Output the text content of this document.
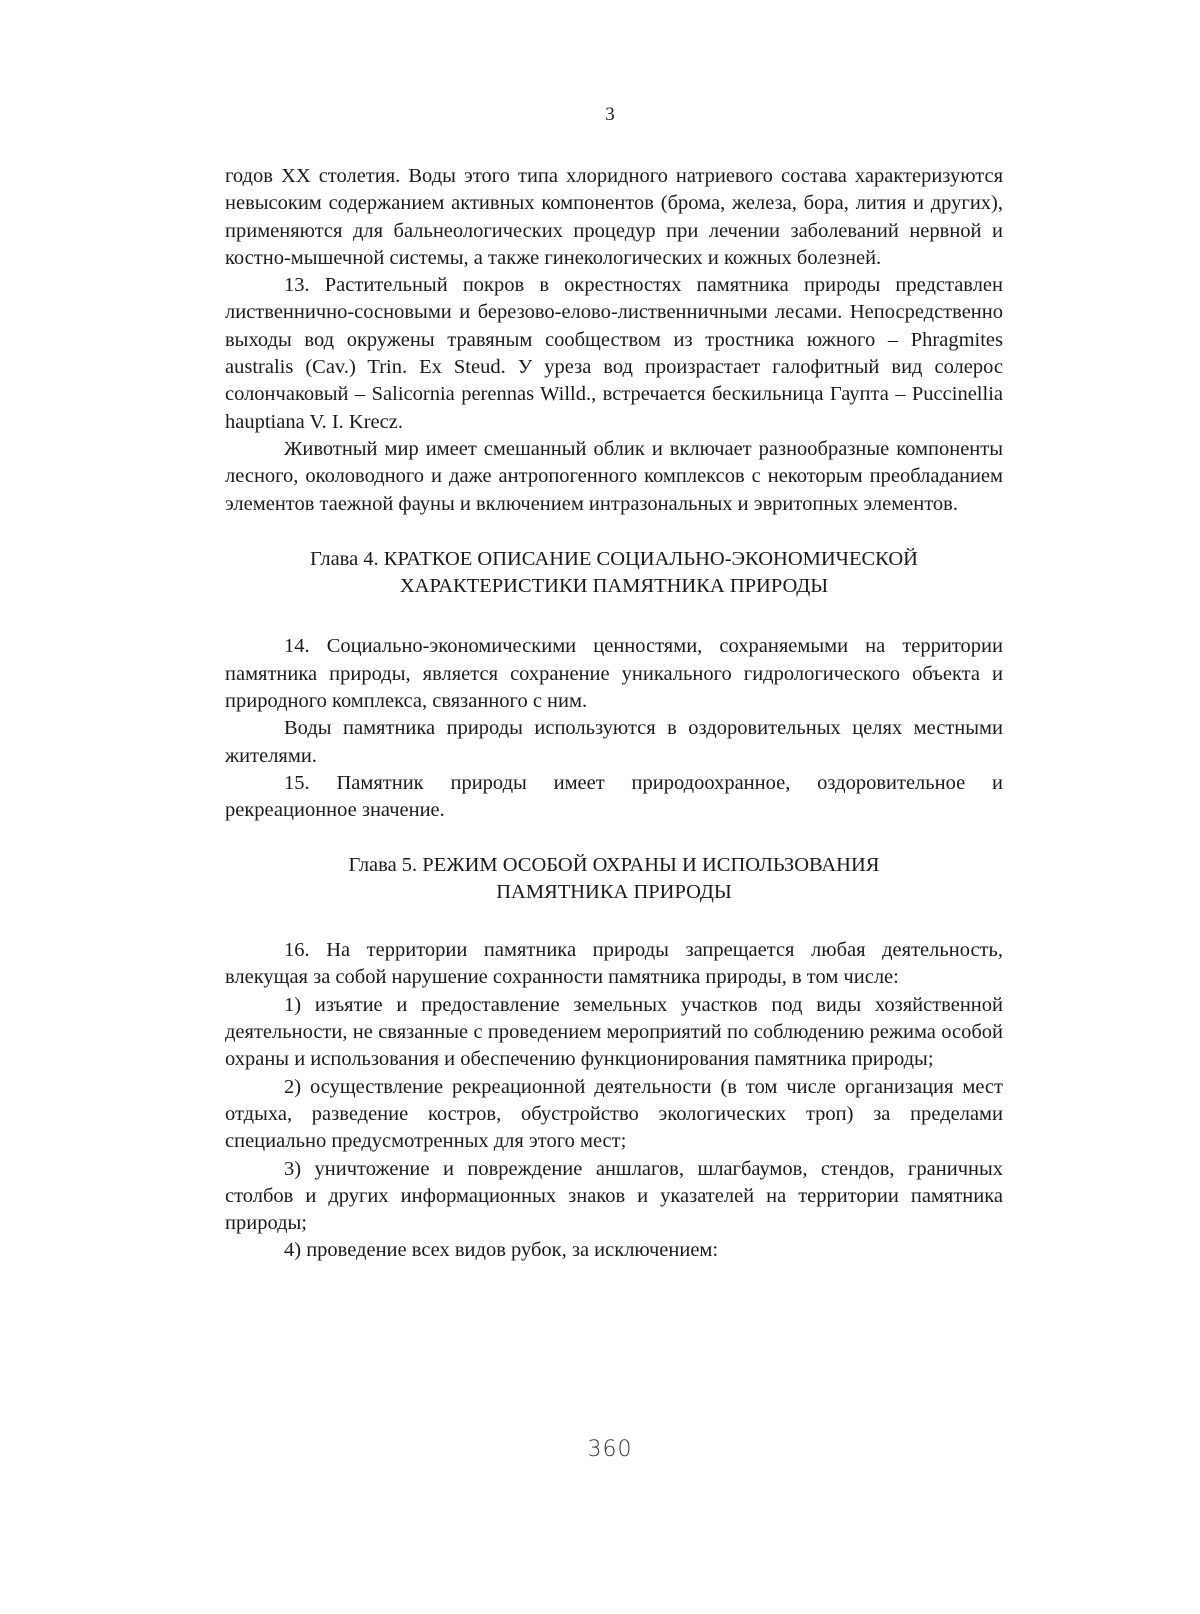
3

годов XX столетия. Воды этого типа хлоридного натриевого состава характеризуются невысоким содержанием активных компонентов (брома, железа, бора, лития и других), применяются для бальнеологических процедур при лечении заболеваний нервной и костно-мышечной системы, а также гинекологических и кожных болезней.

13. Растительный покров в окрестностях памятника природы представлен лиственнично-сосновыми и березово-елово-лиственничными лесами. Непосредственно выходы вод окружены травяным сообществом из тростника южного – Phragmites australis (Cav.) Trin. Ex Steud. У уреза вод произрастает галофитный вид солерос солончаковый – Salicornia perennas Willd., встречается бескильница Гаупта – Puccinellia hauptiana V. I. Krecz.

Животный мир имеет смешанный облик и включает разнообразные компоненты лесного, околоводного и даже антропогенного комплексов с некоторым преобладанием элементов таежной фауны и включением интразональных и эвритопных элементов.

Глава 4. КРАТКОЕ ОПИСАНИЕ СОЦИАЛЬНО-ЭКОНОМИЧЕСКОЙ
ХАРАКТЕРИСТИКИ ПАМЯТНИКА ПРИРОДЫ

14. Социально-экономическими ценностями, сохраняемыми на территории памятника природы, является сохранение уникального гидрологического объекта и природного комплекса, связанного с ним.

Воды памятника природы используются в оздоровительных целях местными жителями.

15. Памятник природы имеет природоохранное, оздоровительное и рекреационное значение.

Глава 5. РЕЖИМ ОСОБОЙ ОХРАНЫ И ИСПОЛЬЗОВАНИЯ
ПАМЯТНИКА ПРИРОДЫ

16. На территории памятника природы запрещается любая деятельность, влекущая за собой нарушение сохранности памятника природы, в том числе:

1) изъятие и предоставление земельных участков под виды хозяйственной деятельности, не связанные с проведением мероприятий по соблюдению режима особой охраны и использования и обеспечению функционирования памятника природы;

2) осуществление рекреационной деятельности (в том числе организация мест отдыха, разведение костров, обустройство экологических троп) за пределами специально предусмотренных для этого мест;

3) уничтожение и повреждение аншлагов, шлагбаумов, стендов, граничных столбов и других информационных знаков и указателей на территории памятника природы;

4) проведение всех видов рубок, за исключением:

360
